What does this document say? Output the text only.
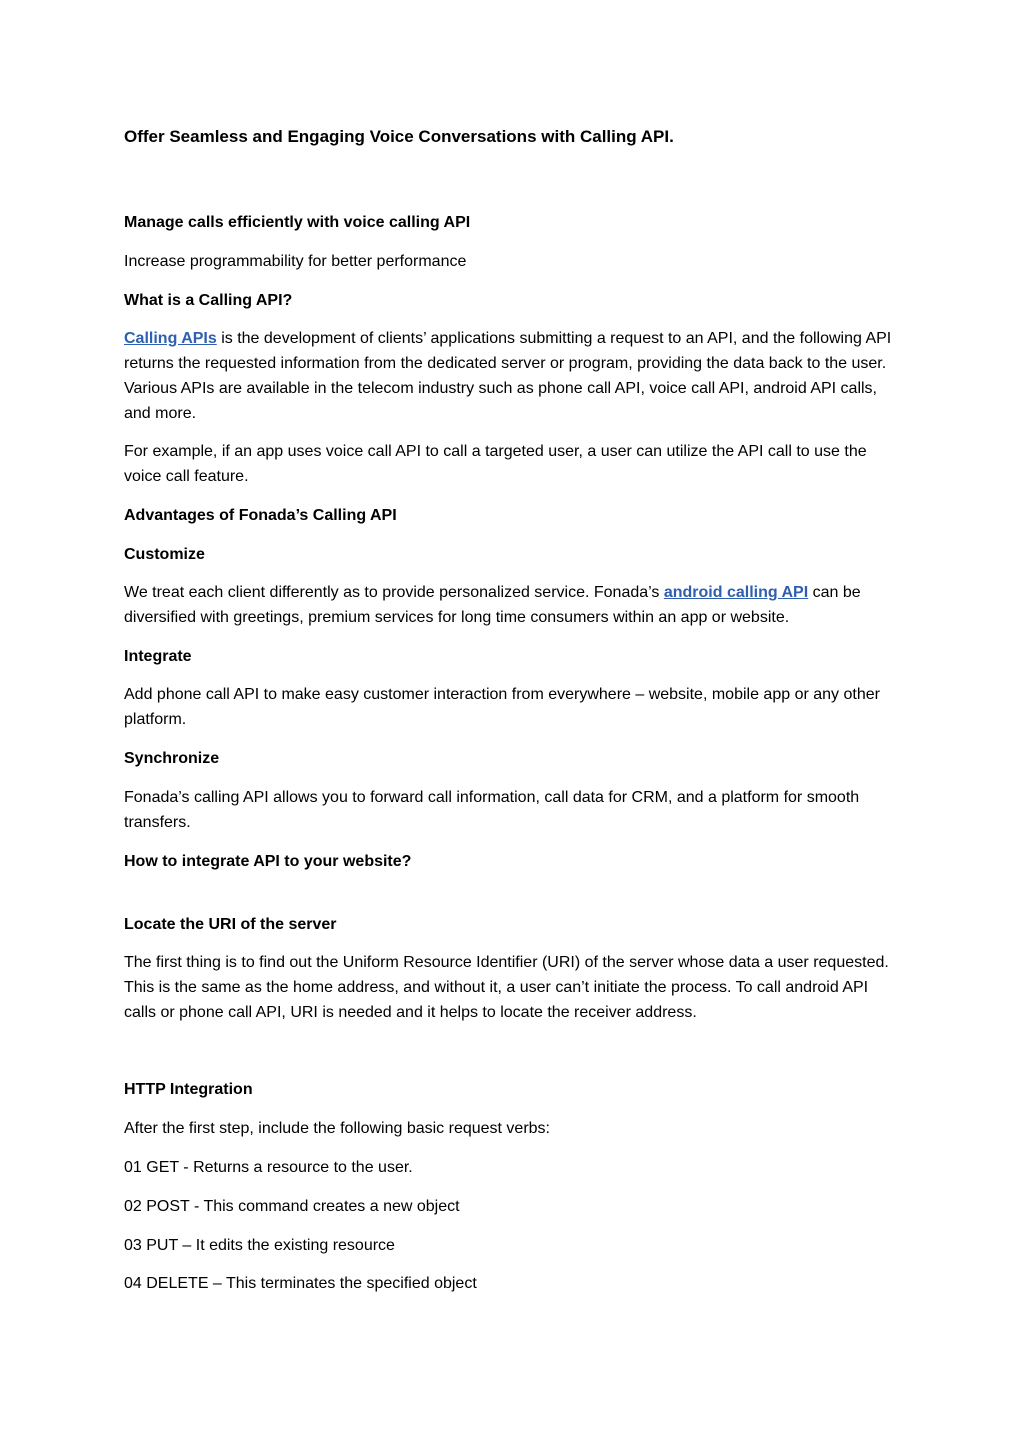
Offer Seamless and Engaging Voice Conversations with Calling API.
Manage calls efficiently with voice calling API
Increase programmability for better performance
What is a Calling API?
Calling APIs is the development of clients’ applications submitting a request to an API, and the following API returns the requested information from the dedicated server or program, providing the data back to the user. Various APIs are available in the telecom industry such as phone call API, voice call API, android API calls, and more.
For example, if an app uses voice call API to call a targeted user, a user can utilize the API call to use the voice call feature.
Advantages of Fonada’s Calling API
Customize
We treat each client differently as to provide personalized service. Fonada’s android calling API can be diversified with greetings, premium services for long time consumers within an app or website.
Integrate
Add phone call API to make easy customer interaction from everywhere – website, mobile app or any other platform.
Synchronize
Fonada’s calling API allows you to forward call information, call data for CRM, and a platform for smooth transfers.
How to integrate API to your website?
Locate the URI of the server
The first thing is to find out the Uniform Resource Identifier (URI) of the server whose data a user requested. This is the same as the home address, and without it, a user can’t initiate the process. To call android API calls or phone call API, URI is needed and it helps to locate the receiver address.
HTTP Integration
After the first step, include the following basic request verbs:
01 GET - Returns a resource to the user.
02 POST - This command creates a new object
03 PUT – It edits the existing resource
04 DELETE – This terminates the specified object
